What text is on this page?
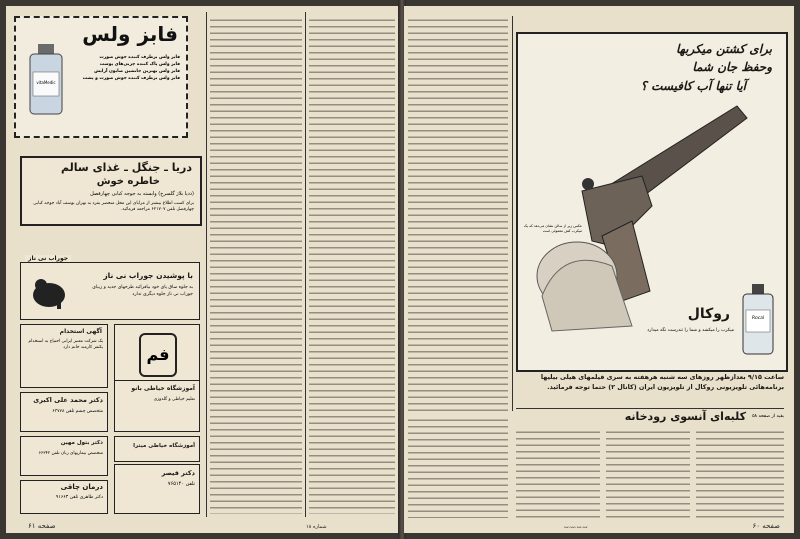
فابز ولس
vitaMedic
فابز ولس برطرف کننده جوش صورت
فابز ولس پاک کننده چربی‌های پوست
فابز ولس بهترین جانشین صابون آرایش
فابز ولس برطرف کننده جوش صورت و پشت
دریا ـ جنگل ـ غذای سالم
خاطره خوش
(ددیا بلاژ گلسرخ) وابسته به جوجه کبابی چهارفصل
برای کسب اطلاع بیشتر از مزایای این محل منحصر بفرد به تهران بوسف آباد جوجه کبابی چهارفصل تلفن ۶۲۱۷۰۷ مراجعه فرمائید.
جوراب نی ناز
با پوشیدن جوراب نی ناز
به جلوه ساق پای خود بیافزائید طرحهای جدید و زیبای جوراب نی ناز جلوه دیگری ندارد
آگهی استخدام
یک شرکت معتبر ایرانی احتیاج به استخدام یکنفر کارمند خانم دارد	فم
دکتر محمد علی اکبری
متخصص چشم تلفن ۶۳۷۷۸
آموزشگاه خیاطی بانو
تعلیم خیاطی و گلدوزی
دکتر بتول مهین
متخصص بیماریهای زنان تلفن ۶۶۳۴۲
آموزشگاه خیاطی میترا
دکتر قیصر
تلفن ۷۶۵۱۴۰
درمان چاقی
دکتر طاهری تلفن ۹۱۶۶۳
صفحه ۶۱	شماره ۱۸
برای کشتن میکربها
وحفظ جان شما
آیا تنها آب کافیست ؟
عکس زیر از سالن نشان می‌دهد که یک میکرب کش معمولی است
روکال
میکرب را میکشد و شما را تندرست نگه میدارد
Rocal
ساعت ۹/۱۵ بعدازظهر روزهای سه شنبه هرهفته به سری فیلمهای هیلی بیلیها برنامه‌هائی تلویزیونی روکال از تلویزیون ایران (کانال ۲) حتما توجه فرمائید.
کلبه‌ای آنسوی رودخانه بقیه از صفحه ۵۸
ت.ت.ت.ت	صفحه ۶۰
